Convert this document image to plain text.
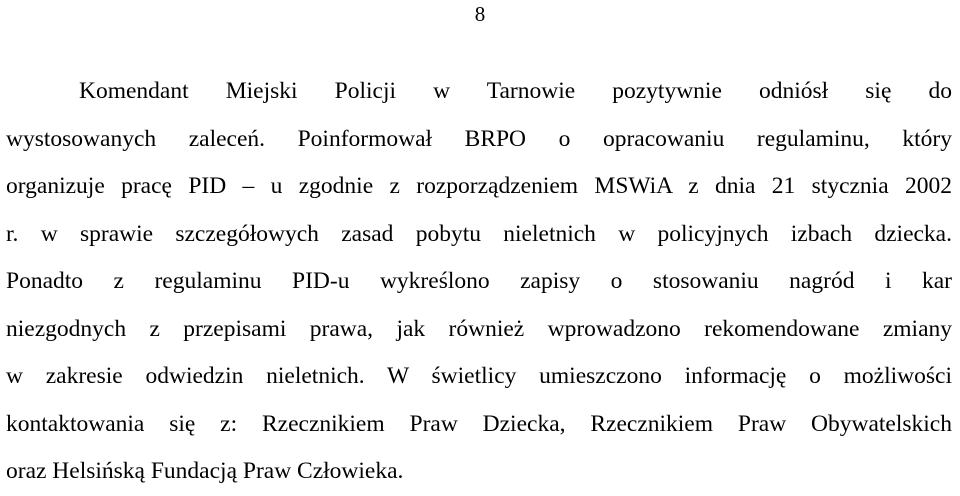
8
Komendant Miejski Policji w Tarnowie pozytywnie odniósł się do
wystosowanych zaleceń. Poinformował BRPO o opracowaniu regulaminu, który
organizuje pracę PID – u zgodnie z rozporządzeniem MSWiA z dnia 21 stycznia 2002
r. w sprawie szczegółowych zasad pobytu nieletnich w policyjnych izbach dziecka.
Ponadto z regulaminu PID-u wykreślono zapisy o stosowaniu nagród i kar
niezgodnych z przepisami prawa, jak również wprowadzono rekomendowane zmiany
w zakresie odwiedzin nieletnich. W świetlicy umieszczono informację o możliwości
kontaktowania się z: Rzecznikiem Praw Dziecka, Rzecznikiem Praw Obywatelskich
oraz Helsińską Fundacją Praw Człowieka.
